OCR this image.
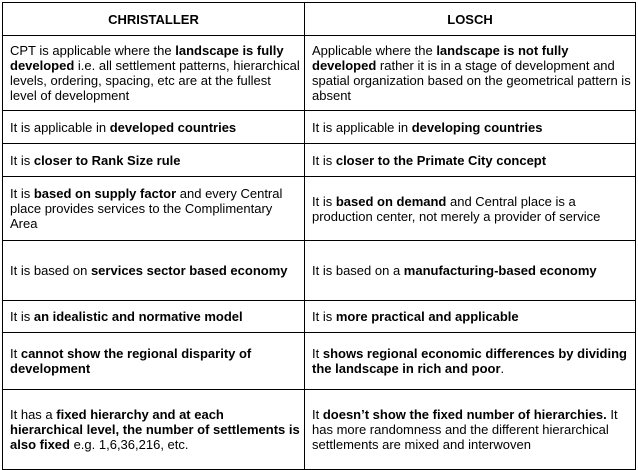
CHRISTALLER	LOSCH
CPT is applicable where the landscape is fully developed i.e. all settlement patterns, hierarchical levels, ordering, spacing, etc are at the fullest level of development	Applicable where the landscape is not fully developed rather it is in a stage of development and spatial organization based on the geometrical pattern is absent
It is applicable in developed countries	It is applicable in developing countries
It is closer to Rank Size rule	It is closer to the Primate City concept
It is based on supply factor and every Central place provides services to the Complimentary Area	It is based on demand and Central place is a production center, not merely a provider of service
It is based on services sector based economy	It is based on a manufacturing-based economy
It is an idealistic and normative model	It is more practical and applicable
It cannot show the regional disparity of development	It shows regional economic differences by dividing the landscape in rich and poor.
It has a fixed hierarchy and at each hierarchical level, the number of settlements is also fixed e.g. 1,6,36,216, etc.	It doesn’t show the fixed number of hierarchies. It has more randomness and the different hierarchical settlements are mixed and interwoven
